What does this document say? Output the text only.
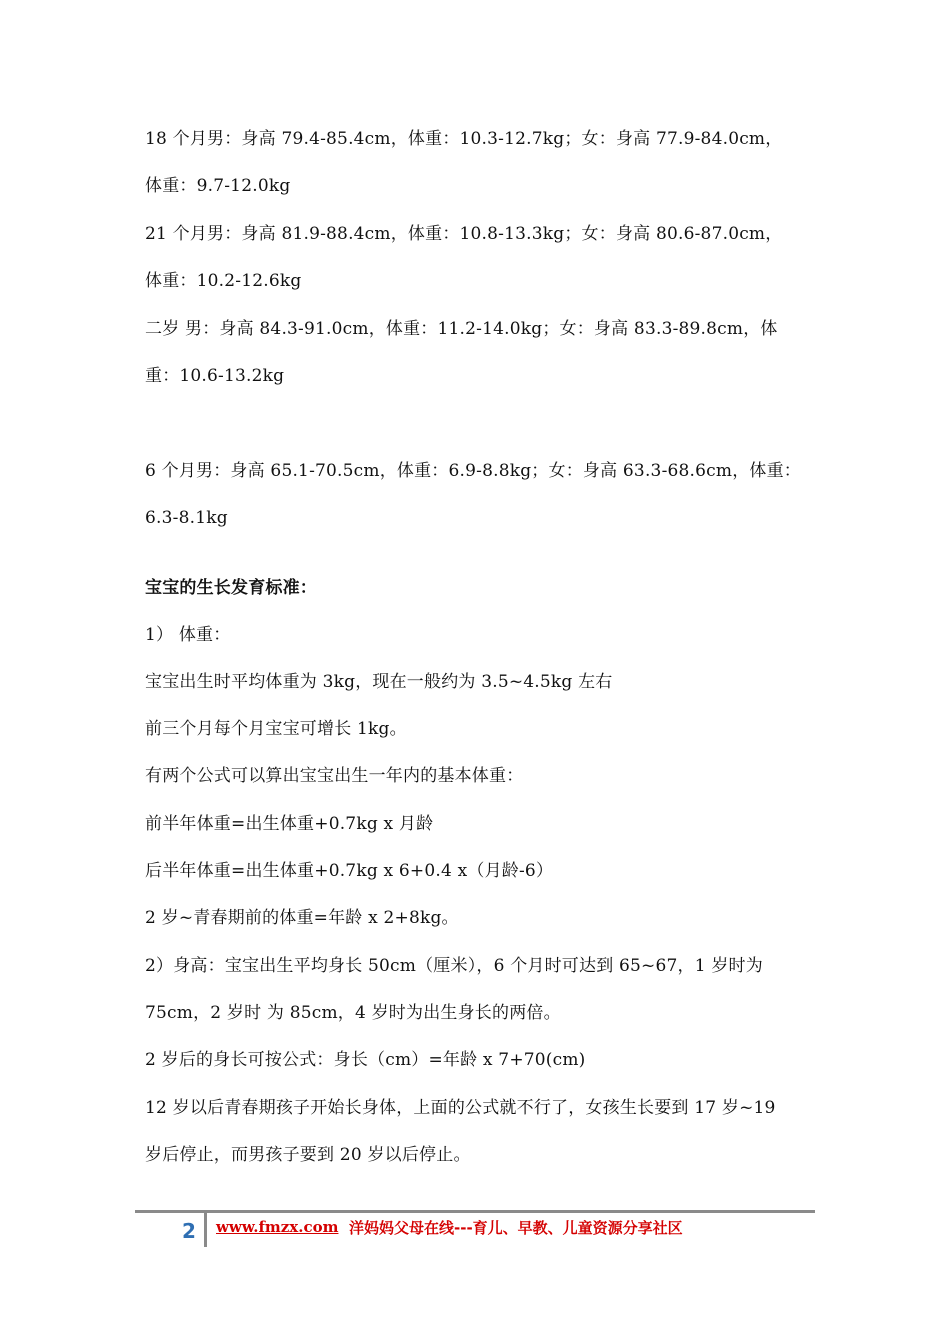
18 个月男：身高 79.4-85.4cm，体重：10.3-12.7kg；女：身高 77.9-84.0cm，
体重：9.7-12.0kg
21 个月男：身高 81.9-88.4cm，体重：10.8-13.3kg；女：身高 80.6-87.0cm，
体重：10.2-12.6kg
二岁 男：身高 84.3-91.0cm，体重：11.2-14.0kg；女：身高 83.3-89.8cm，体
重：10.6-13.2kg
6 个月男：身高 65.1-70.5cm，体重：6.9-8.8kg；女：身高 63.3-68.6cm，体重：
6.3-8.1kg
宝宝的生长发育标准：
1） 体重：
宝宝出生时平均体重为 3kg，现在一般约为 3.5~4.5kg 左右
前三个月每个月宝宝可增长 1kg。
有两个公式可以算出宝宝出生一年内的基本体重：
前半年体重=出生体重+0.7kg x 月龄
后半年体重=出生体重+0.7kg x 6+0.4 x（月龄-6）
2 岁~青春期前的体重=年龄 x 2+8kg。
2）身高：宝宝出生平均身长 50cm（厘米），6 个月时可达到 65~67，1 岁时为
75cm，2 岁时 为 85cm，4 岁时为出生身长的两倍。
2 岁后的身长可按公式：身长（cm）=年龄 x 7+70(cm)
12 岁以后青春期孩子开始长身体，上面的公式就不行了，女孩生长要到 17 岁~19
岁后停止，而男孩子要到 20 岁以后停止。
2 www.fmzx.com 洋妈妈父母在线---育儿、早教、儿童资源分享社区
